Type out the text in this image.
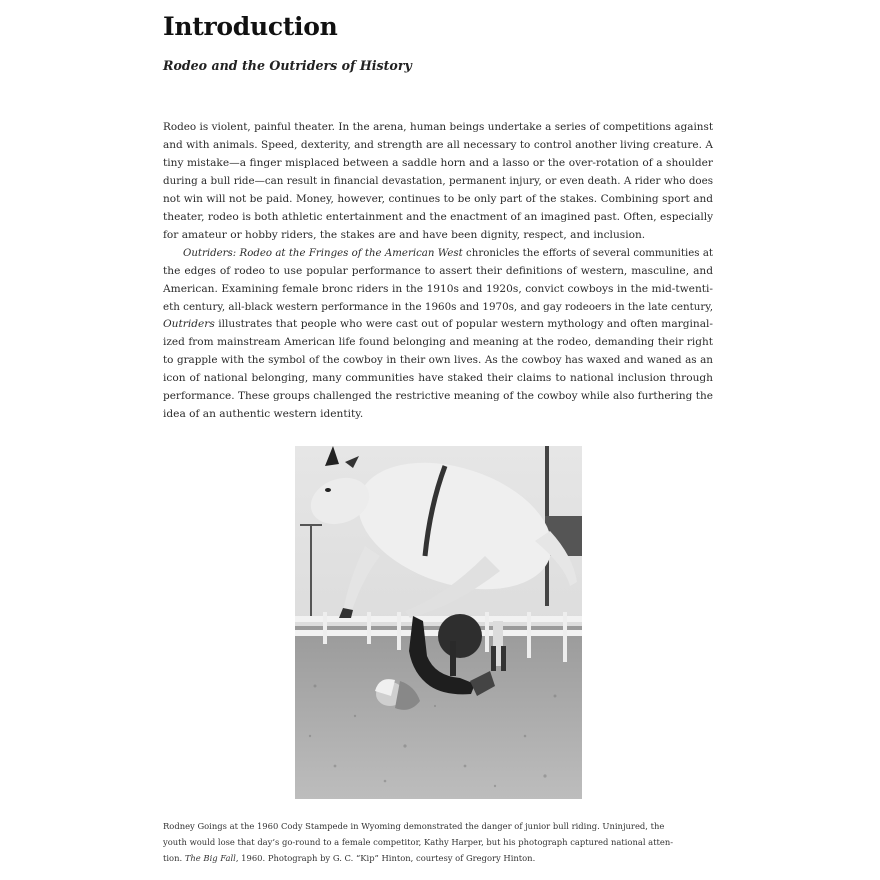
Introduction
Rodeo and the Outriders of History

Rodeo is violent, painful theater. In the arena, human beings undertake a series of competitions against
and with animals. Speed, dexterity, and strength are all necessary to control another living creature. A
tiny mistake—a finger misplaced between a saddle horn and a lasso or the over-rotation of a shoulder
during a bull ride—can result in financial devastation, permanent injury, or even death. A rider who does
not win will not be paid. Money, however, continues to be only part of the stakes. Combining sport and
theater, rodeo is both athletic entertainment and the enactment of an imagined past. Often, especially
for amateur or hobby riders, the stakes are and have been dignity, respect, and inclusion.

Outriders: Rodeo at the Fringes of the American West chronicles the efforts of several communities at
the edges of rodeo to use popular performance to assert their definitions of western, masculine, and
American. Examining female bronc riders in the 1910s and 1920s, convict cowboys in the mid-twenti-
eth century, all-black western performance in the 1960s and 1970s, and gay rodeoers in the late century,
Outriders illustrates that people who were cast out of popular western mythology and often marginal-
ized from mainstream American life found belonging and meaning at the rodeo, demanding their right
to grapple with the symbol of the cowboy in their own lives. As the cowboy has waxed and waned as an
icon of national belonging, many communities have staked their claims to national inclusion through
performance. These groups challenged the restrictive meaning of the cowboy while also furthering the
idea of an authentic western identity.

Rodney Goings at the 1960 Cody Stampede in Wyoming demonstrated the danger of junior bull riding. Uninjured, the
youth would lose that day’s go-round to a female competitor, Kathy Harper, but his photograph captured national atten-
tion. The Big Fall, 1960. Photograph by G. C. “Kip” Hinton, courtesy of Gregory Hinton.
